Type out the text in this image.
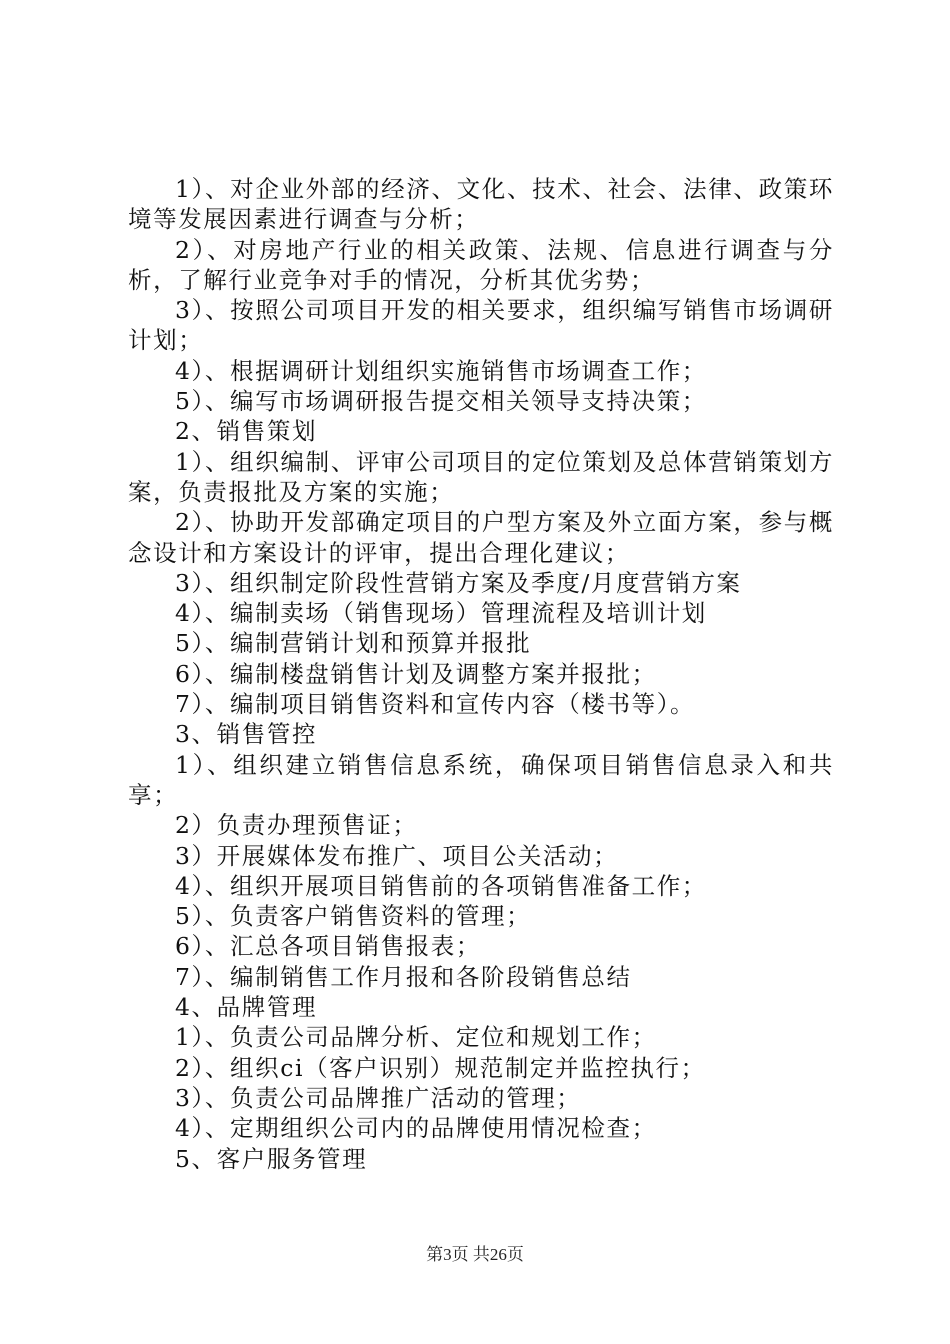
1）、对企业外部的经济、文化、技术、社会、法律、政策环境等发展因素进行调查与分析；

2）、对房地产行业的相关政策、法规、信息进行调查与分析，了解行业竞争对手的情况，分析其优劣势；

3）、按照公司项目开发的相关要求，组织编写销售市场调研计划；

4）、根据调研计划组织实施销售市场调查工作；

5）、编写市场调研报告提交相关领导支持决策；

2、销售策划

1）、组织编制、评审公司项目的定位策划及总体营销策划方案，负责报批及方案的实施；

2）、协助开发部确定项目的户型方案及外立面方案，参与概念设计和方案设计的评审，提出合理化建议；

3）、组织制定阶段性营销方案及季度/月度营销方案

4）、编制卖场（销售现场）管理流程及培训计划

5）、编制营销计划和预算并报批

6）、编制楼盘销售计划及调整方案并报批；

7）、编制项目销售资料和宣传内容（楼书等）。

3、销售管控

1）、组织建立销售信息系统，确保项目销售信息录入和共享；

2）负责办理预售证；

3）开展媒体发布推广、项目公关活动；

4）、组织开展项目销售前的各项销售准备工作；

5）、负责客户销售资料的管理；

6）、汇总各项目销售报表；

7）、编制销售工作月报和各阶段销售总结

4、品牌管理

1）、负责公司品牌分析、定位和规划工作；

2）、组织ci（客户识别）规范制定并监控执行；

3）、负责公司品牌推广活动的管理；

4）、定期组织公司内的品牌使用情况检查；

5、客户服务管理

第3页 共26页
